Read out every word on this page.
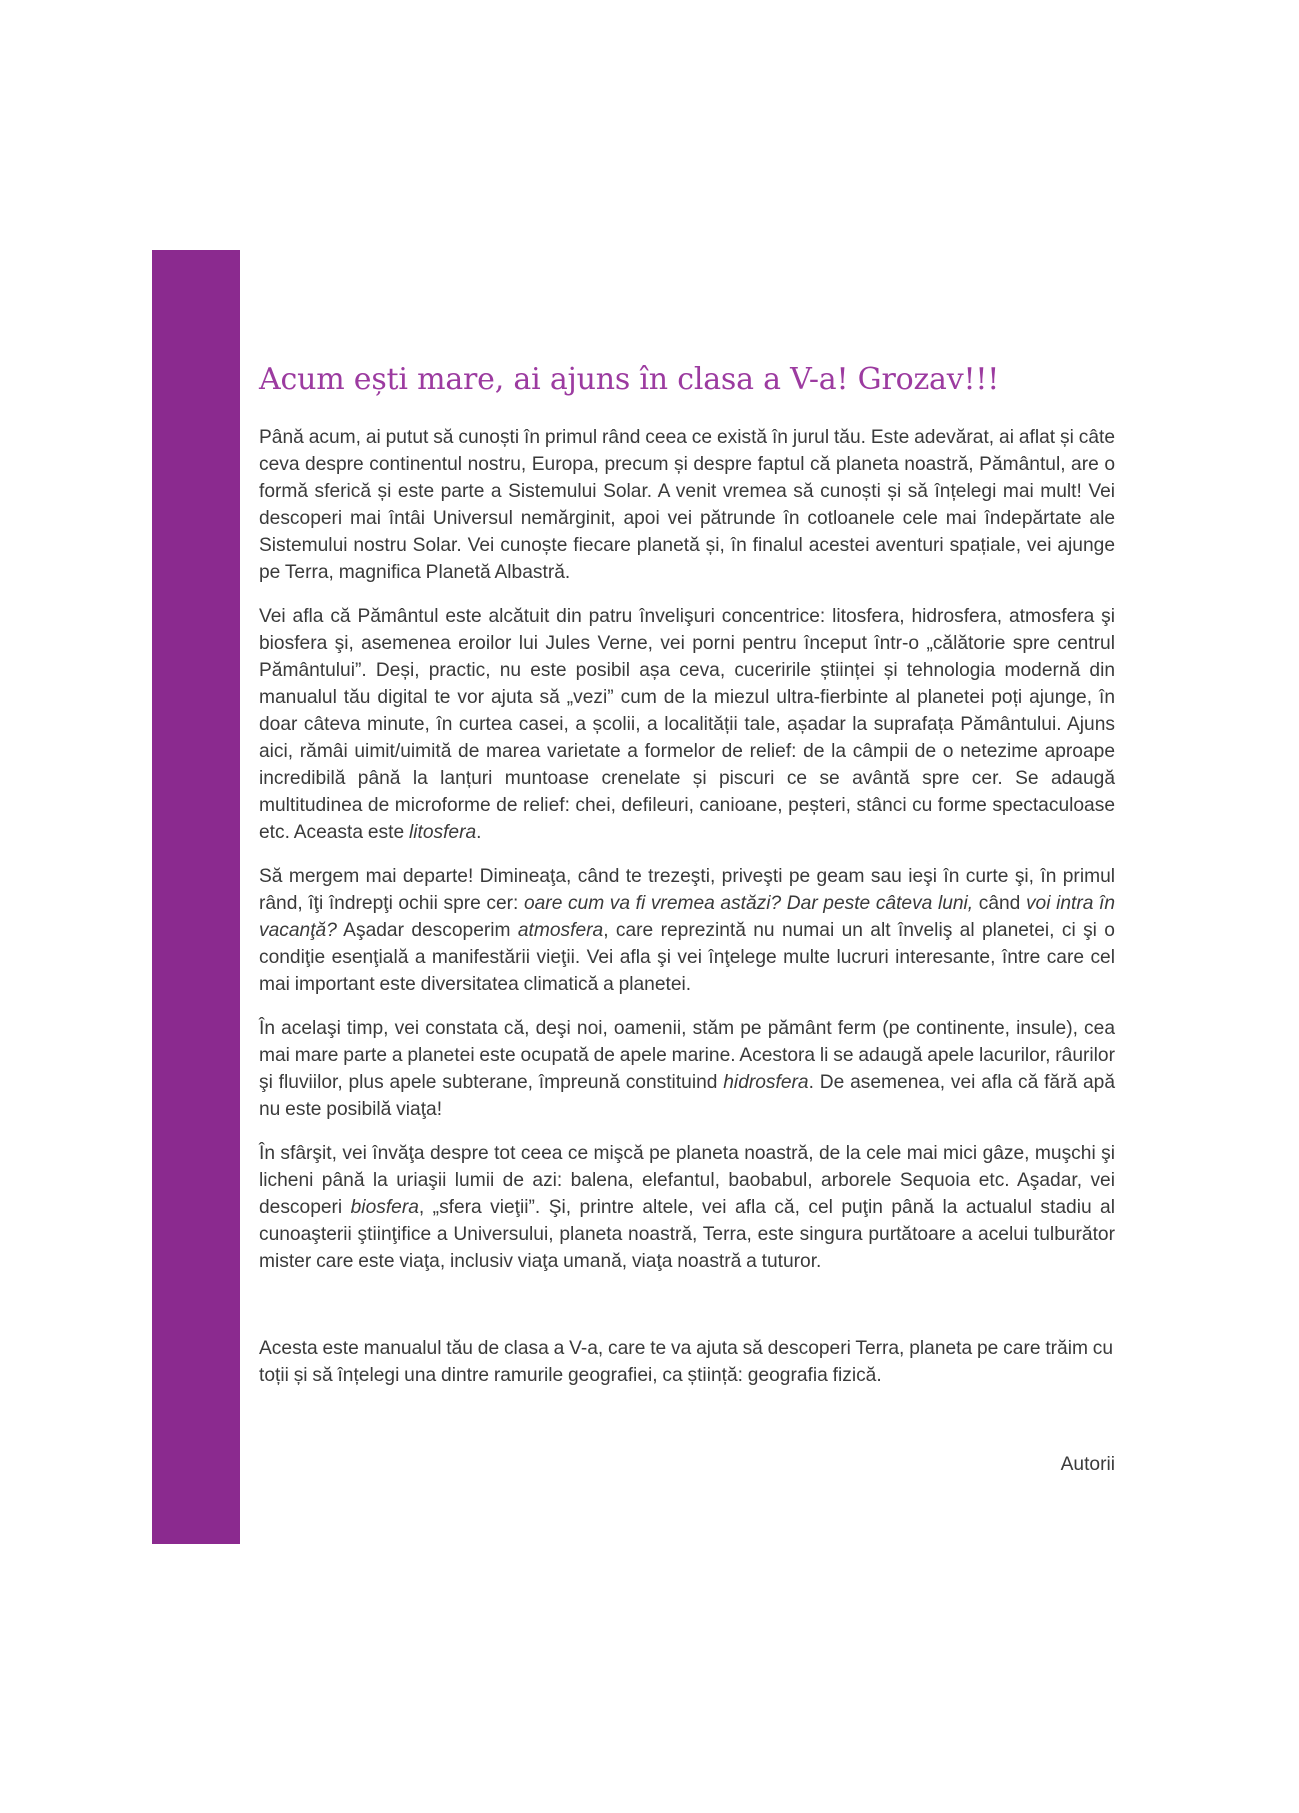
Acum ești mare, ai ajuns în clasa a V-a! Grozav!!!

Până acum, ai putut să cunoști în primul rând ceea ce există în jurul tău. Este adevărat, ai aflat și câte ceva despre continentul nostru, Europa, precum și despre faptul că planeta noastră, Pământul, are o formă sferică și este parte a Sistemului Solar. A venit vremea să cunoști și să înțelegi mai mult! Vei descoperi mai întâi Universul nemărginit, apoi vei pătrunde în cotloanele cele mai îndepărtate ale Sistemului nostru Solar. Vei cunoște fiecare planetă și, în finalul acestei aventuri spațiale, vei ajunge pe Terra, magnifica Planetă Albastră.

Vei afla că Pământul este alcătuit din patru învelişuri concentrice: litosfera, hidrosfera, atmosfera şi biosfera şi, asemenea eroilor lui Jules Verne, vei porni pentru început într-o „călătorie spre centrul Pământului”. Deși, practic, nu este posibil așa ceva, cuceririle științei și tehnologia modernă din manualul tău digital te vor ajuta să „vezi” cum de la miezul ultra-fierbinte al planetei poți ajunge, în doar câteva minute, în curtea casei, a școlii, a localității tale, așadar la suprafața Pământului. Ajuns aici, rămâi uimit/uimită de marea varietate a formelor de relief: de la câmpii de o netezime aproape incredibilă până la lanțuri muntoase crenelate și piscuri ce se avântă spre cer. Se adaugă multitudinea de microforme de relief: chei, defileuri, canioane, peșteri, stânci cu forme spectaculoase etc. Aceasta este litosfera.

Să mergem mai departe! Dimineaţa, când te trezeşti, priveşti pe geam sau ieşi în curte şi, în primul rând, îţi îndrepţi ochii spre cer: oare cum va fi vremea astăzi? Dar peste câteva luni, când voi intra în vacanţă? Aşadar descoperim atmosfera, care reprezintă nu numai un alt înveliş al planetei, ci şi o condiţie esenţială a manifestării vieţii. Vei afla şi vei înţelege multe lucruri interesante, între care cel mai important este diversitatea climatică a planetei.

În acelaşi timp, vei constata că, deşi noi, oamenii, stăm pe pământ ferm (pe continente, insule), cea mai mare parte a planetei este ocupată de apele marine. Acestora li se adaugă apele lacurilor, râurilor şi fluviilor, plus apele subterane, împreună constituind hidrosfera. De asemenea, vei afla că fără apă nu este posibilă viaţa!

În sfârşit, vei învăţa despre tot ceea ce mişcă pe planeta noastră, de la cele mai mici gâze, muşchi şi licheni până la uriaşii lumii de azi: balena, elefantul, baobabul, arborele Sequoia etc. Aşadar, vei descoperi biosfera, „sfera vieţii”. Şi, printre altele, vei afla că, cel puţin până la actualul stadiu al cunoaşterii ştiinţifice a Universului, planeta noastră, Terra, este singura purtătoare a acelui tulburător mister care este viaţa, inclusiv viaţa umană, viaţa noastră a tuturor.

Acesta este manualul tău de clasa a V-a, care te va ajuta să descoperi Terra, planeta pe care trăim cu toții și să înțelegi una dintre ramurile geografiei, ca știință: geografia fizică.

Autorii
